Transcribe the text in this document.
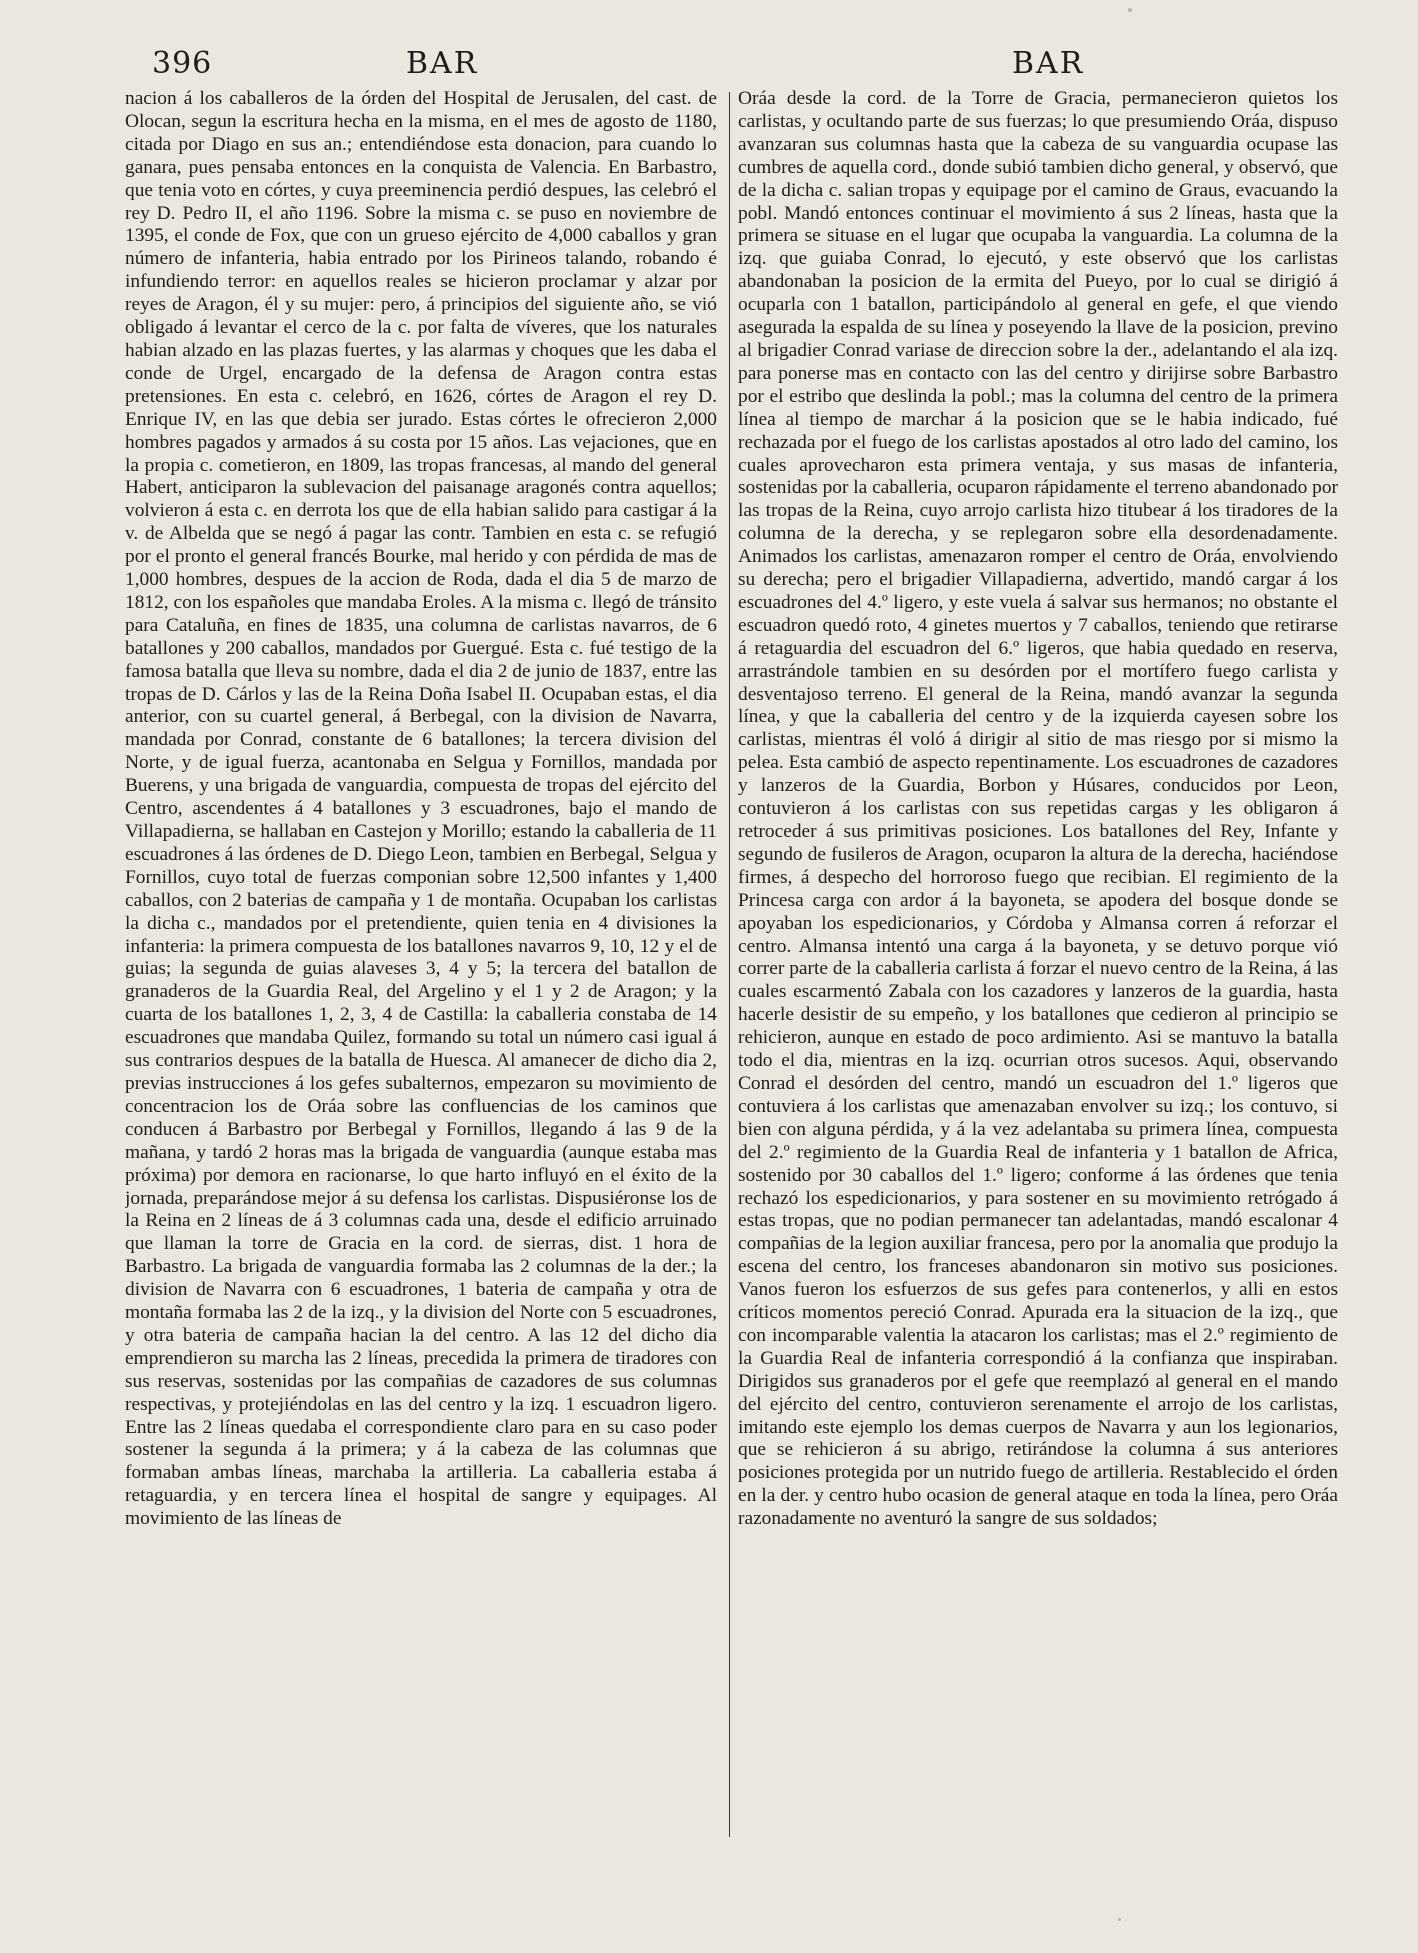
396	BAR	BAR

nacion á los caballeros de la órden del Hospital de Jerusalen, del cast. de Olocan, segun la escritura hecha en la misma, en el mes de agosto de 1180, citada por Diago en sus an.; entendiéndose esta donacion, para cuando lo ganara, pues pensaba entonces en la conquista de Valencia. En Barbastro, que tenia voto en córtes, y cuya preeminencia perdió despues, las celebró el rey D. Pedro II, el año 1196. Sobre la misma c. se puso en noviembre de 1395, el conde de Fox, que con un grueso ejército de 4,000 caballos y gran número de infanteria, habia entrado por los Pirineos talando, robando é infundiendo terror: en aquellos reales se hicieron proclamar y alzar por reyes de Aragon, él y su mujer: pero, á principios del siguiente año, se vió obligado á levantar el cerco de la c. por falta de víveres, que los naturales habian alzado en las plazas fuertes, y las alarmas y choques que les daba el conde de Urgel, encargado de la defensa de Aragon contra estas pretensiones. En esta c. celebró, en 1626, córtes de Aragon el rey D. Enrique IV, en las que debia ser jurado. Estas córtes le ofrecieron 2,000 hombres pagados y armados á su costa por 15 años. Las vejaciones, que en la propia c. cometieron, en 1809, las tropas francesas, al mando del general Habert, anticiparon la sublevacion del paisanage aragonés contra aquellos; volvieron á esta c. en derrota los que de ella habian salido para castigar á la v. de Albelda que se negó á pagar las contr. Tambien en esta c. se refugió por el pronto el general francés Bourke, mal herido y con pérdida de mas de 1,000 hombres, despues de la accion de Roda, dada el dia 5 de marzo de 1812, con los españoles que mandaba Eroles. A la misma c. llegó de tránsito para Cataluña, en fines de 1835, una columna de carlistas navarros, de 6 batallones y 200 caballos, mandados por Guergué. Esta c. fué testigo de la famosa batalla que lleva su nombre, dada el dia 2 de junio de 1837, entre las tropas de D. Cárlos y las de la Reina Doña Isabel II. Ocupaban estas, el dia anterior, con su cuartel general, á Berbegal, con la division de Navarra, mandada por Conrad, constante de 6 batallones; la tercera division del Norte, y de igual fuerza, acantonaba en Selgua y Fornillos, mandada por Buerens, y una brigada de vanguardia, compuesta de tropas del ejército del Centro, ascendentes á 4 batallones y 3 escuadrones, bajo el mando de Villapadierna, se hallaban en Castejon y Morillo; estando la caballeria de 11 escuadrones á las órdenes de D. Diego Leon, tambien en Berbegal, Selgua y Fornillos, cuyo total de fuerzas componian sobre 12,500 infantes y 1,400 caballos, con 2 baterias de campaña y 1 de montaña. Ocupaban los carlistas la dicha c., mandados por el pretendiente, quien tenia en 4 divisiones la infanteria: la primera compuesta de los batallones navarros 9, 10, 12 y el de guias; la segunda de guias alaveses 3, 4 y 5; la tercera del batallon de granaderos de la Guardia Real, del Argelino y el 1 y 2 de Aragon; y la cuarta de los batallones 1, 2, 3, 4 de Castilla: la caballeria constaba de 14 escuadrones que mandaba Quilez, formando su total un número casi igual á sus contrarios despues de la batalla de Huesca. Al amanecer de dicho dia 2, previas instrucciones á los gefes subalternos, empezaron su movimiento de concentracion los de Oráa sobre las confluencias de los caminos que conducen á Barbastro por Berbegal y Fornillos, llegando á las 9 de la mañana, y tardó 2 horas mas la brigada de vanguardia (aunque estaba mas próxima) por demora en racionarse, lo que harto influyó en el éxito de la jornada, preparándose mejor á su defensa los carlistas. Dispusiéronse los de la Reina en 2 líneas de á 3 columnas cada una, desde el edificio arruinado que llaman la torre de Gracia en la cord. de sierras, dist. 1 hora de Barbastro. La brigada de vanguardia formaba las 2 columnas de la der.; la division de Navarra con 6 escuadrones, 1 bateria de campaña y otra de montaña formaba las 2 de la izq., y la division del Norte con 5 escuadrones, y otra bateria de campaña hacian la del centro. A las 12 del dicho dia emprendieron su marcha las 2 líneas, precedida la primera de tiradores con sus reservas, sostenidas por las compañias de cazadores de sus columnas respectivas, y protejiéndolas en las del centro y la izq. 1 escuadron ligero. Entre las 2 líneas quedaba el correspondiente claro para en su caso poder sostener la segunda á la primera; y á la cabeza de las columnas que formaban ambas líneas, marchaba la artilleria. La caballeria estaba á retaguardia, y en tercera línea el hospital de sangre y equipages. Al movimiento de las líneas de

Oráa desde la cord. de la Torre de Gracia, permanecieron quietos los carlistas, y ocultando parte de sus fuerzas; lo que presumiendo Oráa, dispuso avanzaran sus columnas hasta que la cabeza de su vanguardia ocupase las cumbres de aquella cord., donde subió tambien dicho general, y observó, que de la dicha c. salian tropas y equipage por el camino de Graus, evacuando la pobl. Mandó entonces continuar el movimiento á sus 2 líneas, hasta que la primera se situase en el lugar que ocupaba la vanguardia. La columna de la izq. que guiaba Conrad, lo ejecutó, y este observó que los carlistas abandonaban la posicion de la ermita del Pueyo, por lo cual se dirigió á ocuparla con 1 batallon, participándolo al general en gefe, el que viendo asegurada la espalda de su línea y poseyendo la llave de la posicion, previno al brigadier Conrad variase de direccion sobre la der., adelantando el ala izq. para ponerse mas en contacto con las del centro y dirijirse sobre Barbastro por el estribo que deslinda la pobl.; mas la columna del centro de la primera línea al tiempo de marchar á la posicion que se le habia indicado, fué rechazada por el fuego de los carlistas apostados al otro lado del camino, los cuales aprovecharon esta primera ventaja, y sus masas de infanteria, sostenidas por la caballeria, ocuparon rápidamente el terreno abandonado por las tropas de la Reina, cuyo arrojo carlista hizo titubear á los tiradores de la columna de la derecha, y se replegaron sobre ella desordenadamente. Animados los carlistas, amenazaron romper el centro de Oráa, envolviendo su derecha; pero el brigadier Villapadierna, advertido, mandó cargar á los escuadrones del 4.º ligero, y este vuela á salvar sus hermanos; no obstante el escuadron quedó roto, 4 ginetes muertos y 7 caballos, teniendo que retirarse á retaguardia del escuadron del 6.º ligeros, que habia quedado en reserva, arrastrándole tambien en su desórden por el mortífero fuego carlista y desventajoso terreno. El general de la Reina, mandó avanzar la segunda línea, y que la caballeria del centro y de la izquierda cayesen sobre los carlistas, mientras él voló á dirigir al sitio de mas riesgo por si mismo la pelea. Esta cambió de aspecto repentinamente. Los escuadrones de cazadores y lanzeros de la Guardia, Borbon y Húsares, conducidos por Leon, contuvieron á los carlistas con sus repetidas cargas y les obligaron á retroceder á sus primitivas posiciones. Los batallones del Rey, Infante y segundo de fusileros de Aragon, ocuparon la altura de la derecha, haciéndose firmes, á despecho del horroroso fuego que recibian. El regimiento de la Princesa carga con ardor á la bayoneta, se apodera del bosque donde se apoyaban los espedicionarios, y Córdoba y Almansa corren á reforzar el centro. Almansa intentó una carga á la bayoneta, y se detuvo porque vió correr parte de la caballeria carlista á forzar el nuevo centro de la Reina, á las cuales escarmentó Zabala con los cazadores y lanzeros de la guardia, hasta hacerle desistir de su empeño, y los batallones que cedieron al principio se rehicieron, aunque en estado de poco ardimiento. Asi se mantuvo la batalla todo el dia, mientras en la izq. ocurrian otros sucesos. Aqui, observando Conrad el desórden del centro, mandó un escuadron del 1.º ligeros que contuviera á los carlistas que amenazaban envolver su izq.; los contuvo, si bien con alguna pérdida, y á la vez adelantaba su primera línea, compuesta del 2.º regimiento de la Guardia Real de infanteria y 1 batallon de Africa, sostenido por 30 caballos del 1.º ligero; conforme á las órdenes que tenia rechazó los espedicionarios, y para sostener en su movimiento retrógado á estas tropas, que no podian permanecer tan adelantadas, mandó escalonar 4 compañias de la legion auxiliar francesa, pero por la anomalia que produjo la escena del centro, los franceses abandonaron sin motivo sus posiciones. Vanos fueron los esfuerzos de sus gefes para contenerlos, y alli en estos críticos momentos pereció Conrad. Apurada era la situacion de la izq., que con incomparable valentia la atacaron los carlistas; mas el 2.º regimiento de la Guardia Real de infanteria correspondió á la confianza que inspiraban. Dirigidos sus granaderos por el gefe que reemplazó al general en el mando del ejército del centro, contuvieron serenamente el arrojo de los carlistas, imitando este ejemplo los demas cuerpos de Navarra y aun los legionarios, que se rehicieron á su abrigo, retirándose la columna á sus anteriores posiciones protegida por un nutrido fuego de artilleria. Restablecido el órden en la der. y centro hubo ocasion de general ataque en toda la línea, pero Oráa razonadamente no aventuró la sangre de sus soldados;
